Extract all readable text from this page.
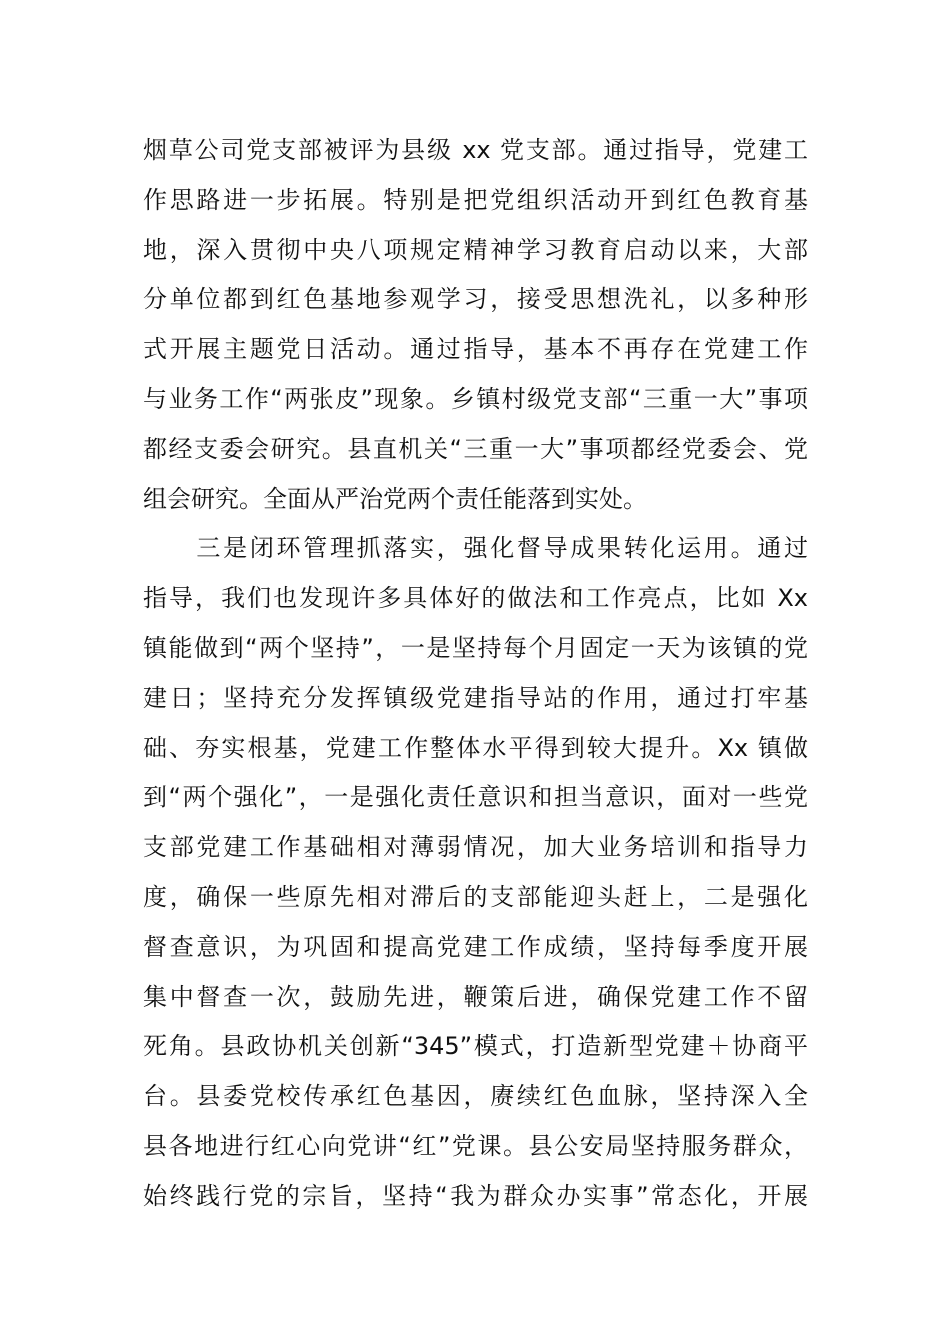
烟草公司党支部被评为县级 xx 党支部。通过指导，党建工
作思路进一步拓展。特别是把党组织活动开到红色教育基
地，深入贯彻中央八项规定精神学习教育启动以来，大部
分单位都到红色基地参观学习，接受思想洗礼，以多种形
式开展主题党日活动。通过指导，基本不再存在党建工作
与业务工作“两张皮”现象。乡镇村级党支部“三重一大”事项
都经支委会研究。县直机关“三重一大”事项都经党委会、党
组会研究。全面从严治党两个责任能落到实处。
　　三是闭环管理抓落实，强化督导成果转化运用。通过
指导，我们也发现许多具体好的做法和工作亮点，比如 Xx
镇能做到“两个坚持”，一是坚持每个月固定一天为该镇的党
建日；坚持充分发挥镇级党建指导站的作用，通过打牢基
础、夯实根基，党建工作整体水平得到较大提升。Xx 镇做
到“两个强化”，一是强化责任意识和担当意识，面对一些党
支部党建工作基础相对薄弱情况，加大业务培训和指导力
度，确保一些原先相对滞后的支部能迎头赶上，二是强化
督查意识，为巩固和提高党建工作成绩，坚持每季度开展
集中督查一次，鼓励先进，鞭策后进，确保党建工作不留
死角。县政协机关创新“345”模式，打造新型党建＋协商平
台。县委党校传承红色基因，赓续红色血脉，坚持深入全
县各地进行红心向党讲“红”党课。县公安局坚持服务群众，
始终践行党的宗旨，坚持“我为群众办实事”常态化，开展
